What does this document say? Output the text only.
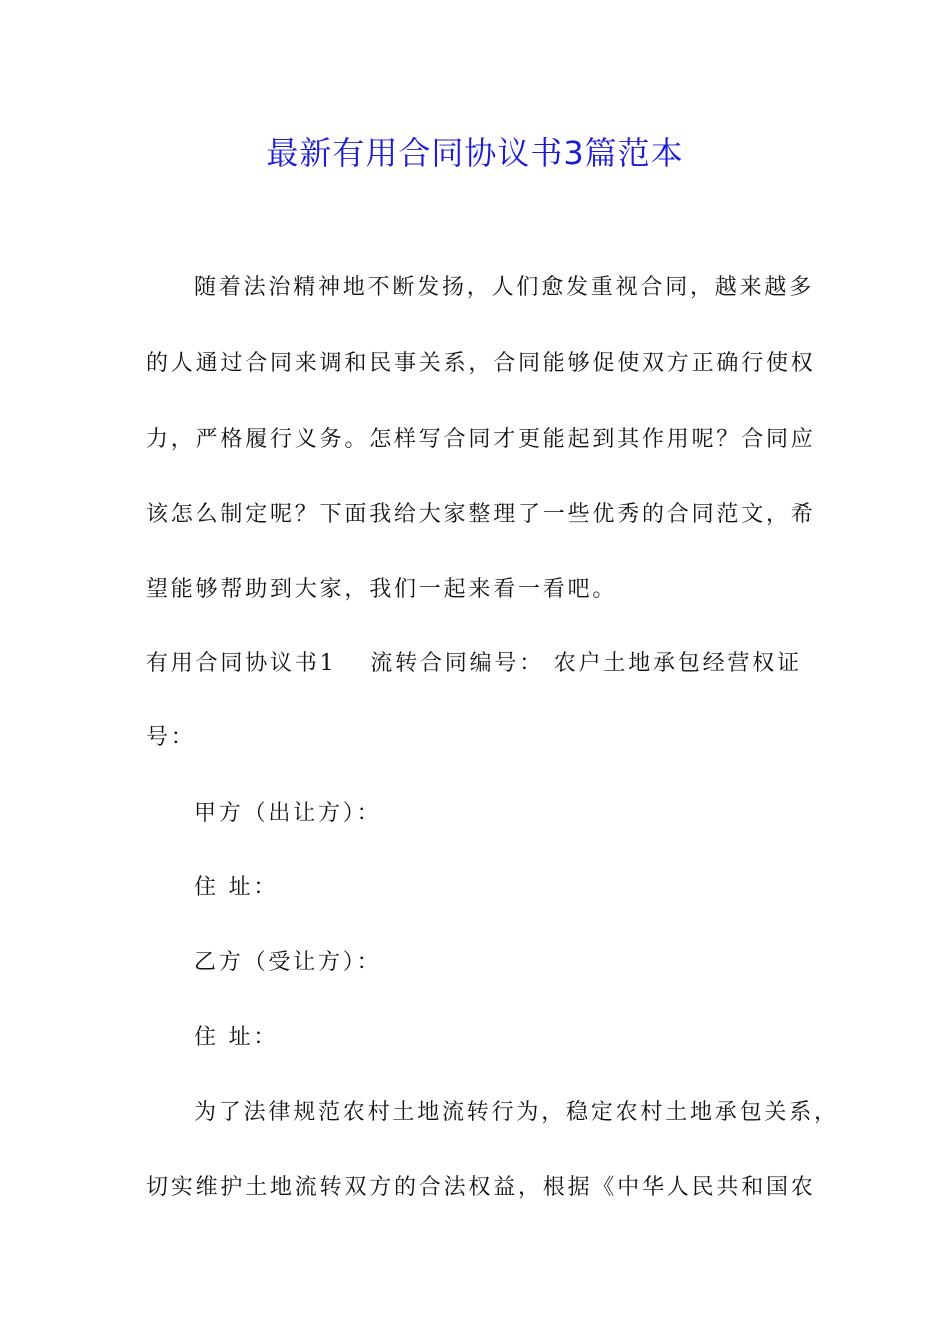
最新有用合同协议书3篇范本
随着法治精神地不断发扬，人们愈发重视合同，越来越多
的人通过合同来调和民事关系，合同能够促使双方正确行使权
力，严格履行义务。怎样写合同才更能起到其作用呢？合同应
该怎么制定呢？下面我给大家整理了一些优秀的合同范文，希
望能够帮助到大家，我们一起来看一看吧。
有用合同协议书1 流转合同编号： 农户土地承包经营权证
号：
甲方（出让方）：
住 址：
乙方（受让方）：
住 址：
为了法律规范农村土地流转行为，稳定农村土地承包关系，
切实维护土地流转双方的合法权益，根据《中华人民共和国农
